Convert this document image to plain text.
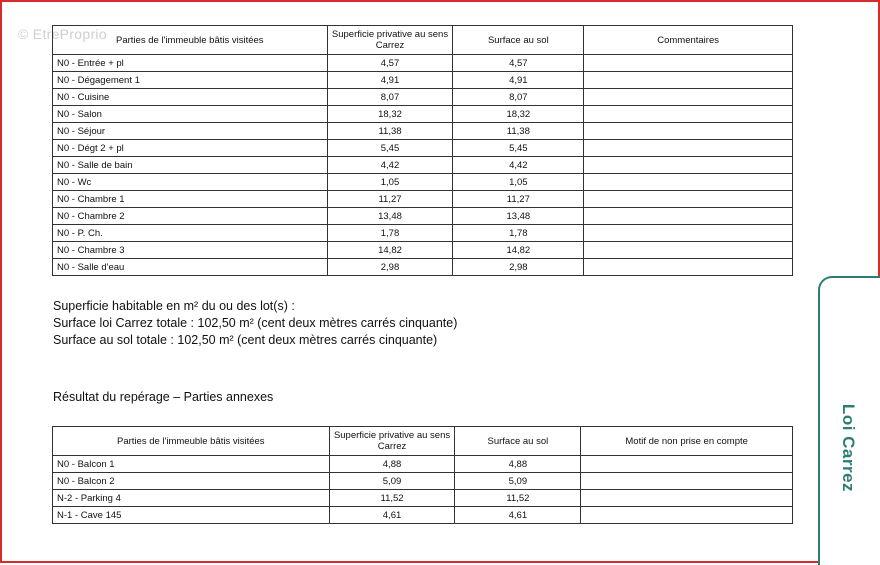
© EtreProprio Parties de l'immeuble bâtis visitées	Superficie privative au sens Carrez	Surface au sol	Commentaires
N0 - Entrée + pl	4,57	4,57	
N0 - Dégagement 1	4,91	4,91	
N0 - Cuisine	8,07	8,07	
N0 - Salon	18,32	18,32	
N0 - Séjour	11,38	11,38	
N0 - Dégt 2 + pl	5,45	5,45	
N0 - Salle de bain	4,42	4,42	
N0 - Wc	1,05	1,05	
N0 - Chambre 1	11,27	11,27	
N0 - Chambre 2	13,48	13,48	
N0 - P. Ch.	1,78	1,78	
N0 - Chambre 3	14,82	14,82	
N0 - Salle d'eau	2,98	2,98	
Superficie habitable en m² du ou des lot(s) :
Surface loi Carrez totale : 102,50 m² (cent deux mètres carrés cinquante)
Surface au sol totale : 102,50 m² (cent deux mètres carrés cinquante)
Résultat du repérage – Parties annexes
Parties de l'immeuble bâtis visitées	Superficie privative au sens Carrez	Surface au sol	Motif de non prise en compte
N0 - Balcon 1	4,88	4,88	
N0 - Balcon 2	5,09	5,09	
N-2 - Parking 4	11,52	11,52	
N-1 - Cave 145	4,61	4,61	
Loi Carrez
